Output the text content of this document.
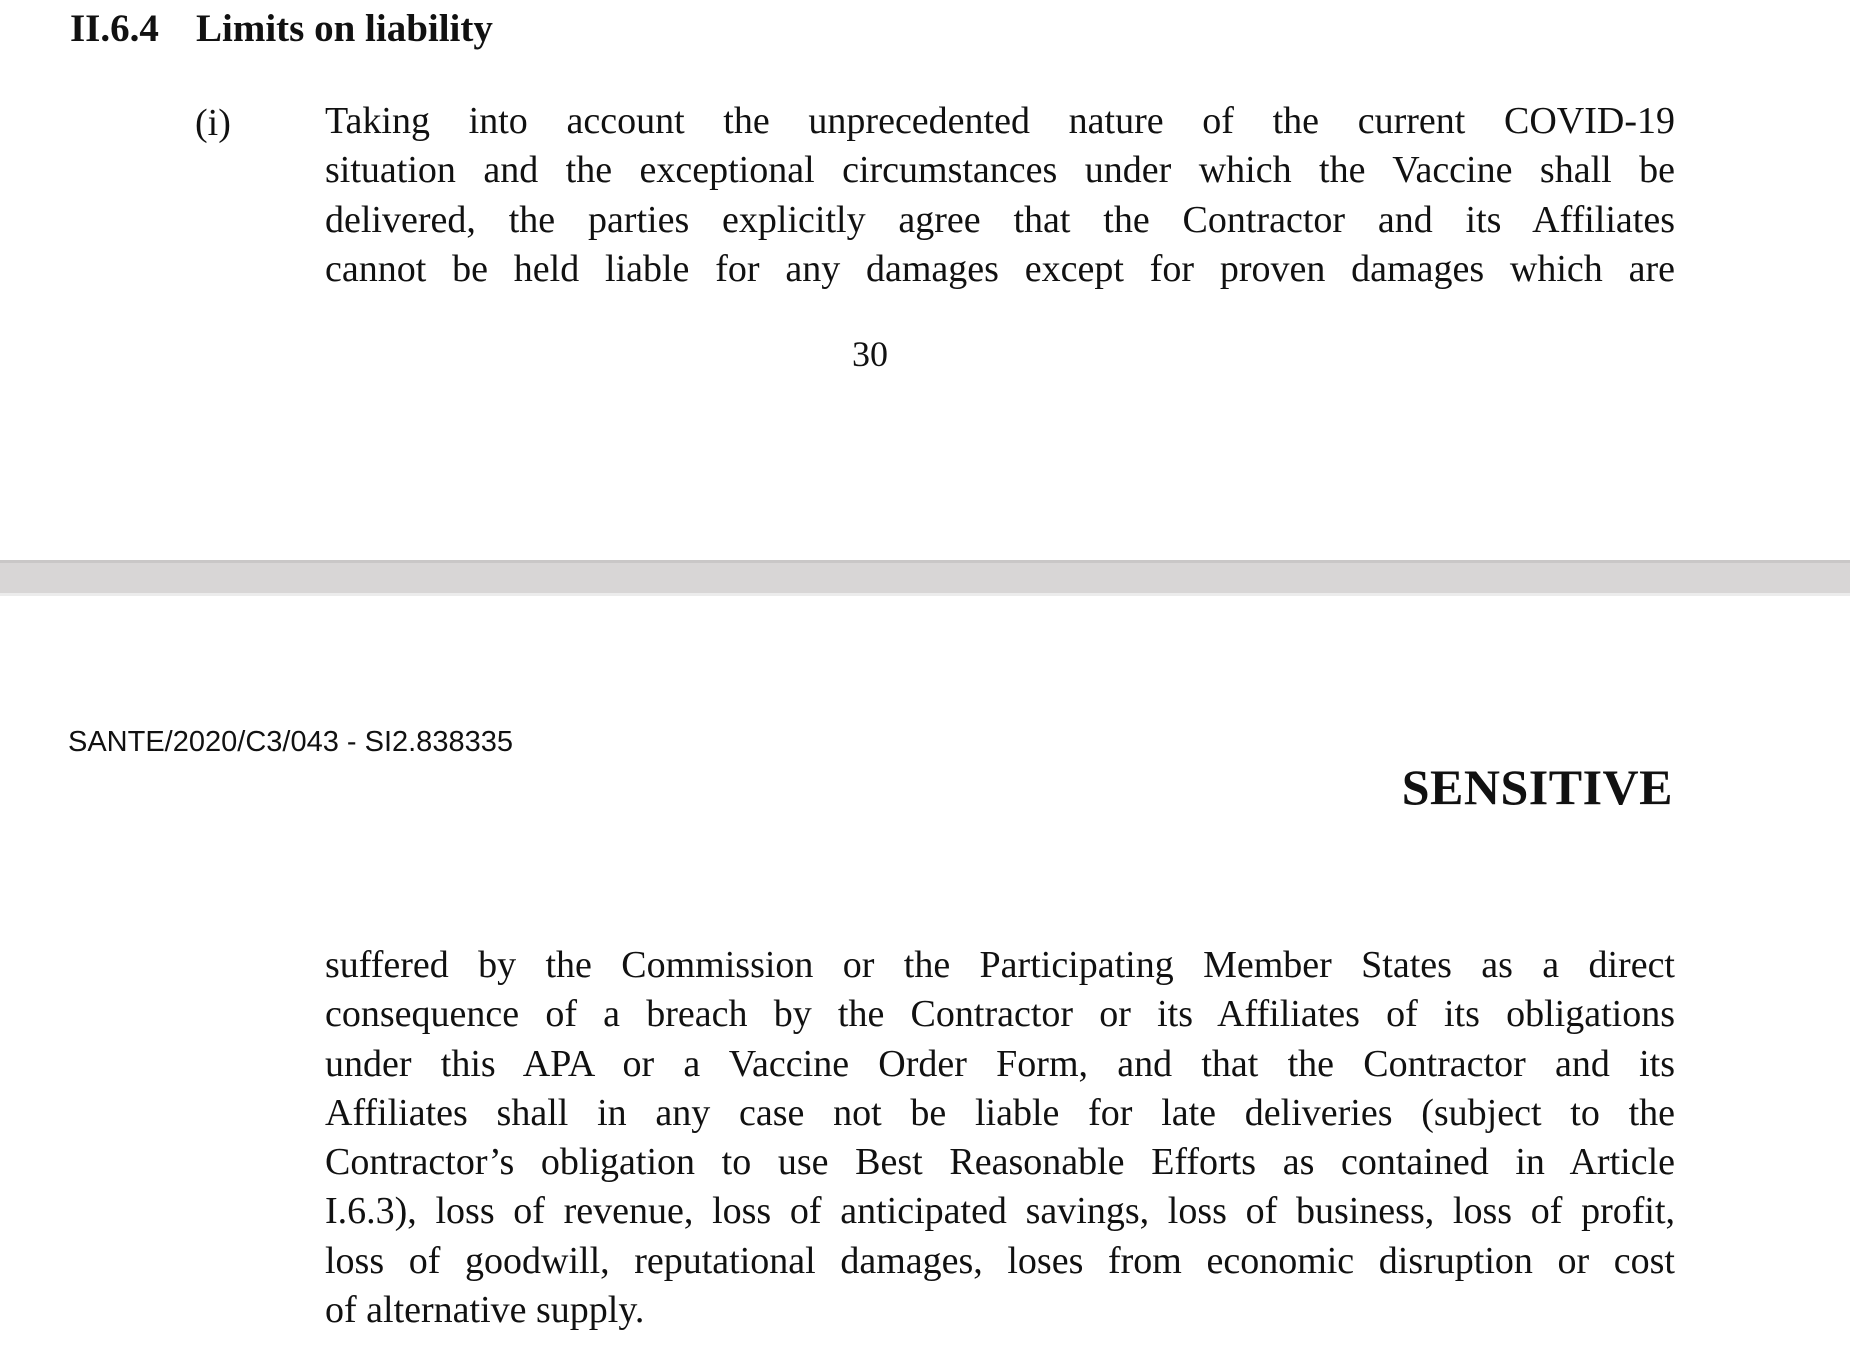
II.6.4 Limits on liability
(i) Taking into account the unprecedented nature of the current COVID-19
situation and the exceptional circumstances under which the Vaccine shall be
delivered, the parties explicitly agree that the Contractor and its Affiliates
cannot be held liable for any damages except for proven damages which are
30
SANTE/2020/C3/043 - SI2.838335
SENSITIVE
suffered by the Commission or the Participating Member States as a direct
consequence of a breach by the Contractor or its Affiliates of its obligations
under this APA or a Vaccine Order Form, and that the Contractor and its
Affiliates shall in any case not be liable for late deliveries (subject to the
Contractor’s obligation to use Best Reasonable Efforts as contained in Article
I.6.3), loss of revenue, loss of anticipated savings, loss of business, loss of profit,
loss of goodwill, reputational damages, loses from economic disruption or cost
of alternative supply.
